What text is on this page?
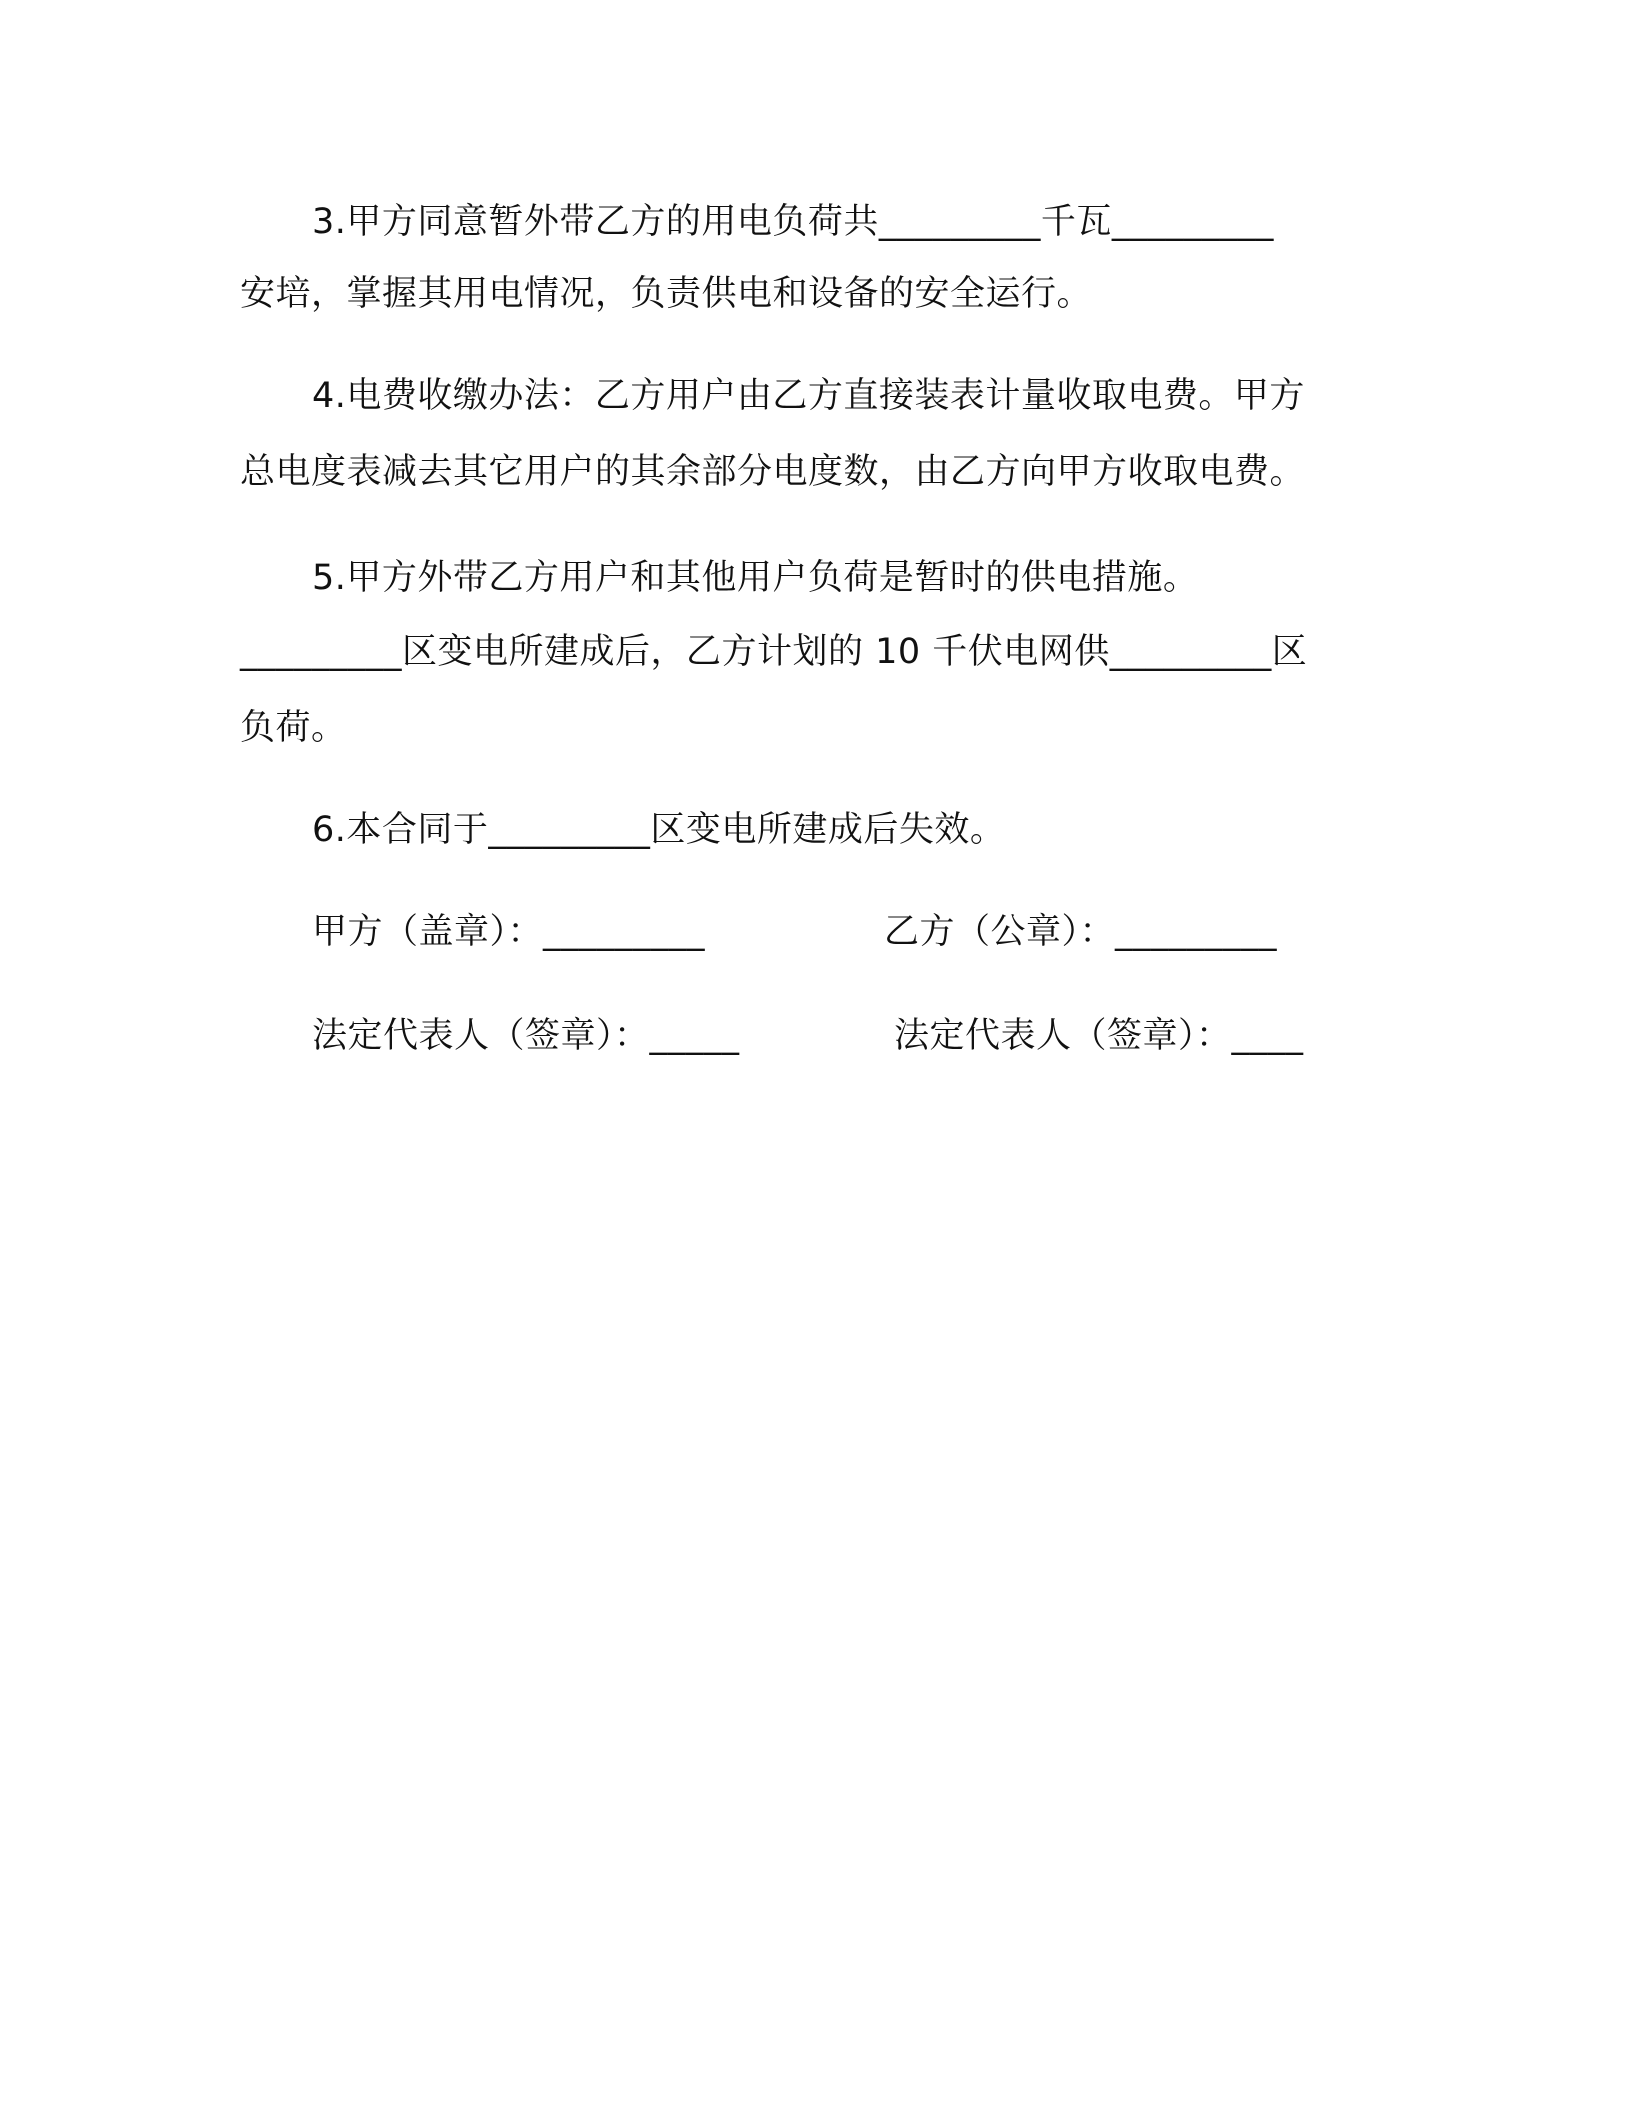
3.甲方同意暂外带乙方的用电负荷共_________千瓦_________
安培，掌握其用电情况，负责供电和设备的安全运行。
4.电费收缴办法：乙方用户由乙方直接装表计量收取电费。甲方
总电度表减去其它用户的其余部分电度数，由乙方向甲方收取电费。
5.甲方外带乙方用户和其他用户负荷是暂时的供电措施。
_________区变电所建成后，乙方计划的 10 千伏电网供_________区
负荷。
6.本合同于_________区变电所建成后失效。
甲方（盖章）：_________	乙方（公章）：_________
法定代表人（签章）：_____	法定代表人（签章）：____
